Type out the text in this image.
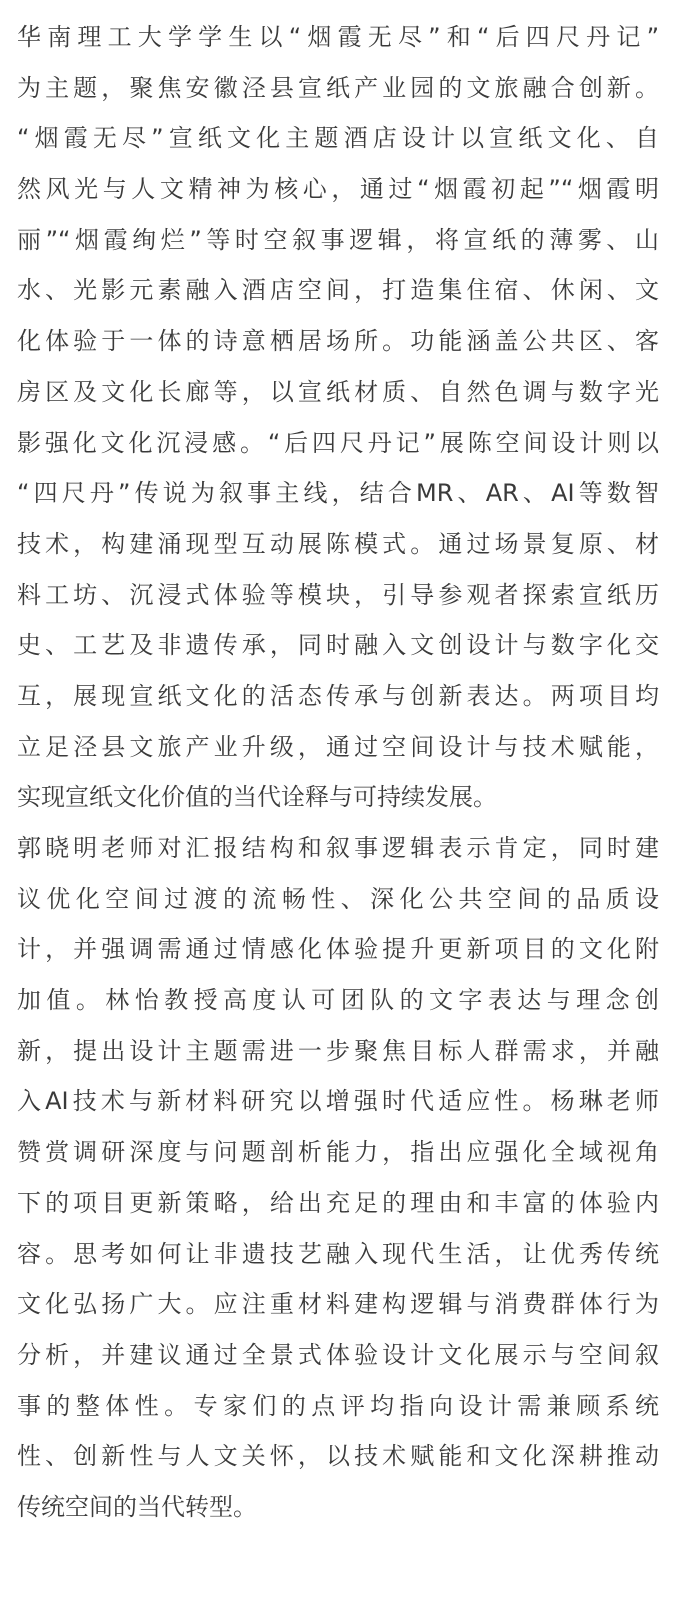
华南理工大学学生以“烟霞无尽”和“后四尺丹记”
为主题，聚焦安徽泾县宣纸产业园的文旅融合创新。
“烟霞无尽”宣纸文化主题酒店设计以宣纸文化、自
然风光与人文精神为核心，通过“烟霞初起”“烟霞明
丽”“烟霞绚烂”等时空叙事逻辑，将宣纸的薄雾、山
水、光影元素融入酒店空间，打造集住宿、休闲、文
化体验于一体的诗意栖居场所。功能涵盖公共区、客
房区及文化长廊等，以宣纸材质、自然色调与数字光
影强化文化沉浸感。“后四尺丹记”展陈空间设计则以
“四尺丹”传说为叙事主线，结合MR、AR、AI等数智
技术，构建涌现型互动展陈模式。通过场景复原、材
料工坊、沉浸式体验等模块，引导参观者探索宣纸历
史、工艺及非遗传承，同时融入文创设计与数字化交
互，展现宣纸文化的活态传承与创新表达。两项目均
立足泾县文旅产业升级，通过空间设计与技术赋能，
实现宣纸文化价值的当代诠释与可持续发展。
郭晓明老师对汇报结构和叙事逻辑表示肯定，同时建
议优化空间过渡的流畅性、深化公共空间的品质设
计，并强调需通过情感化体验提升更新项目的文化附
加值。林怡教授高度认可团队的文字表达与理念创
新，提出设计主题需进一步聚焦目标人群需求，并融
入AI技术与新材料研究以增强时代适应性。杨琳老师
赞赏调研深度与问题剖析能力，指出应强化全域视角
下的项目更新策略，给出充足的理由和丰富的体验内
容。思考如何让非遗技艺融入现代生活，让优秀传统
文化弘扬广大。应注重材料建构逻辑与消费群体行为
分析，并建议通过全景式体验设计文化展示与空间叙
事的整体性。专家们的点评均指向设计需兼顾系统
性、创新性与人文关怀，以技术赋能和文化深耕推动
传统空间的当代转型。
